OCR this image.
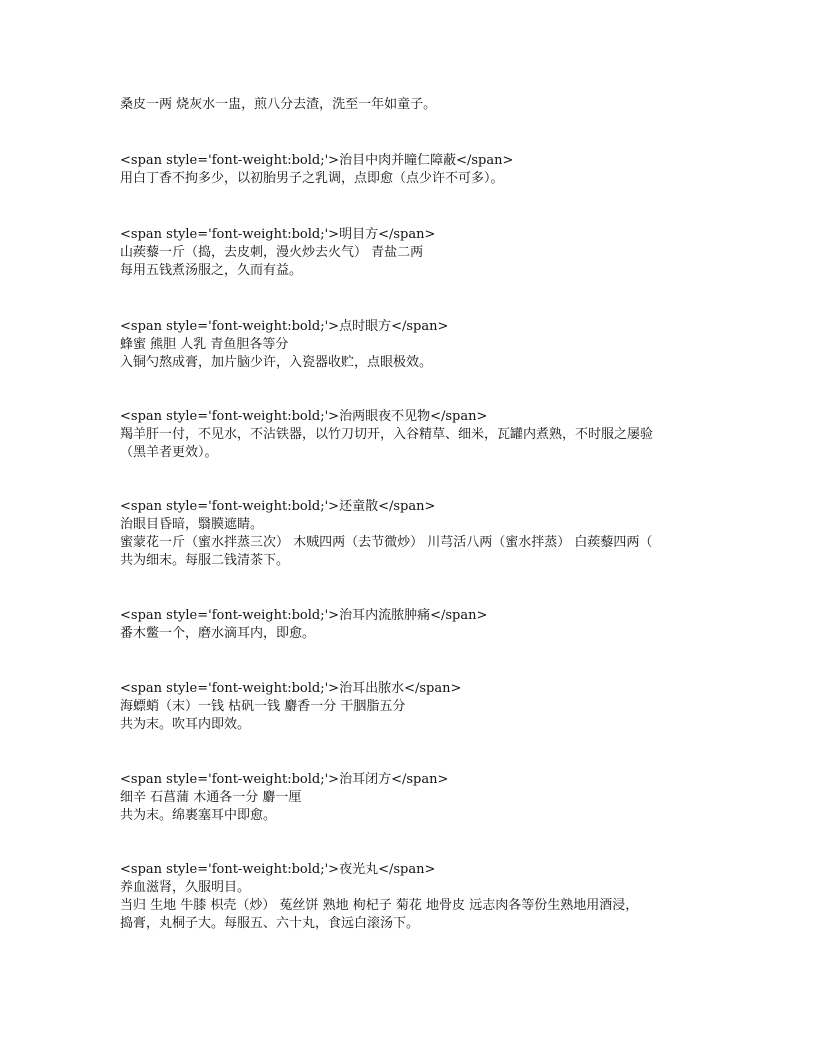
桑皮一两 烧灰水一盅，煎八分去渣，洗至一年如童子。
<span style='font-weight:bold;'>治目中肉并瞳仁障蔽</span>
用白丁香不拘多少，以初胎男子之乳调，点即愈（点少许不可多）。
<span style='font-weight:bold;'>明目方</span>
山蒺藜一斤（捣，去皮刺，漫火炒去火气） 青盐二两
每用五钱煮汤服之，久而有益。
<span style='font-weight:bold;'>点时眼方</span>
蜂蜜 熊胆 人乳 青鱼胆各等分
入铜勺熬成膏，加片脑少许，入瓷器收贮，点眼极效。
<span style='font-weight:bold;'>治两眼夜不见物</span>
羯羊肝一付，不见水，不沾铁器，以竹刀切开，入谷精草、细米，瓦罐内煮熟，不时服之屡验
（黑羊者更效）。
<span style='font-weight:bold;'>还童散</span>
治眼目昏暗，翳膜遮睛。
蜜蒙花一斤（蜜水拌蒸三次） 木贼四两（去节微炒） 川芎活八两（蜜水拌蒸） 白蒺藜四两（
共为细末。每服二钱清茶下。
<span style='font-weight:bold;'>治耳内流脓肿痛</span>
番木鳖一个，磨水滴耳内，即愈。
<span style='font-weight:bold;'>治耳出脓水</span>
海螵蛸（末）一钱 枯矾一钱 麝香一分 干胭脂五分
共为末。吹耳内即效。
<span style='font-weight:bold;'>治耳闭方</span>
细辛 石菖蒲 木通各一分 麝一厘
共为末。绵裹塞耳中即愈。
<span style='font-weight:bold;'>夜光丸</span>
养血滋肾，久服明目。
当归 生地 牛膝 枳壳（炒） 菟丝饼 熟地 枸杞子 菊花 地骨皮 远志肉各等份生熟地用酒浸，
捣膏，丸桐子大。每服五、六十丸，食远白滚汤下。
